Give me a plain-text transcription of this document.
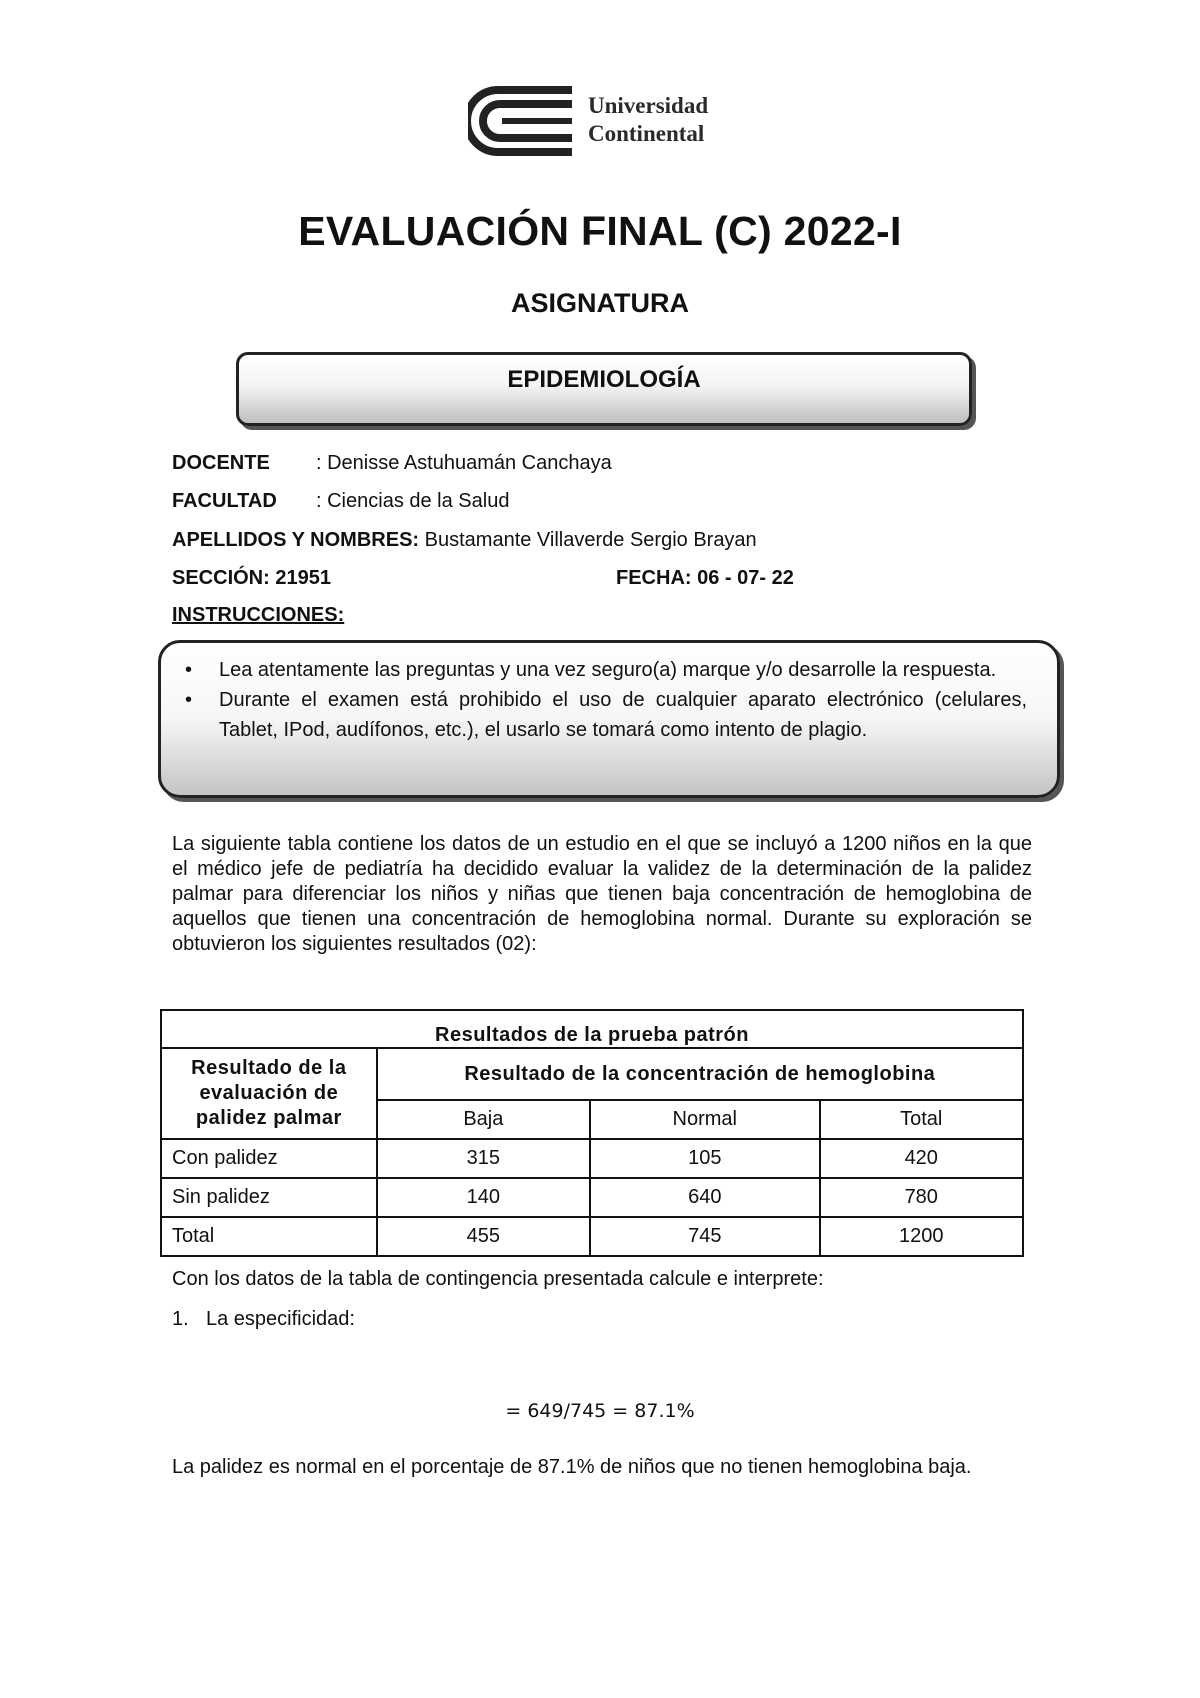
Universidad
Continental
EVALUACIÓN FINAL (C) 2022-I
ASIGNATURA
EPIDEMIOLOGÍA
DOCENTE : Denisse Astuhuamán Canchaya
FACULTAD : Ciencias de la Salud
APELLIDOS Y NOMBRES: Bustamante Villaverde Sergio Brayan
SECCIÓN: 21951	FECHA: 06 - 07- 22
INSTRUCCIONES:
• Lea atentamente las preguntas y una vez seguro(a) marque y/o desarrolle la respuesta.
• Durante el examen está prohibido el uso de cualquier aparato electrónico (celulares, Tablet, IPod, audífonos, etc.), el usarlo se tomará como intento de plagio.
La siguiente tabla contiene los datos de un estudio en el que se incluyó a 1200 niños en la que el médico jefe de pediatría ha decidido evaluar la validez de la determinación de la palidez palmar para diferenciar los niños y niñas que tienen baja concentración de hemoglobina de aquellos que tienen una concentración de hemoglobina normal. Durante su exploración se obtuvieron los siguientes resultados (02):
Resultados de la prueba patrón			
Resultado de la evaluación de palidez palmar	Resultado de la concentración de hemoglobina		
	Baja	Normal	Total
Con palidez	315	105	420
Sin palidez	140	640	780
Total	455	745	1200
Con los datos de la tabla de contingencia presentada calcule e interprete:
1. La especificidad:
= 649/745 = 87.1%
La palidez es normal en el porcentaje de 87.1% de niños que no tienen hemoglobina baja.
